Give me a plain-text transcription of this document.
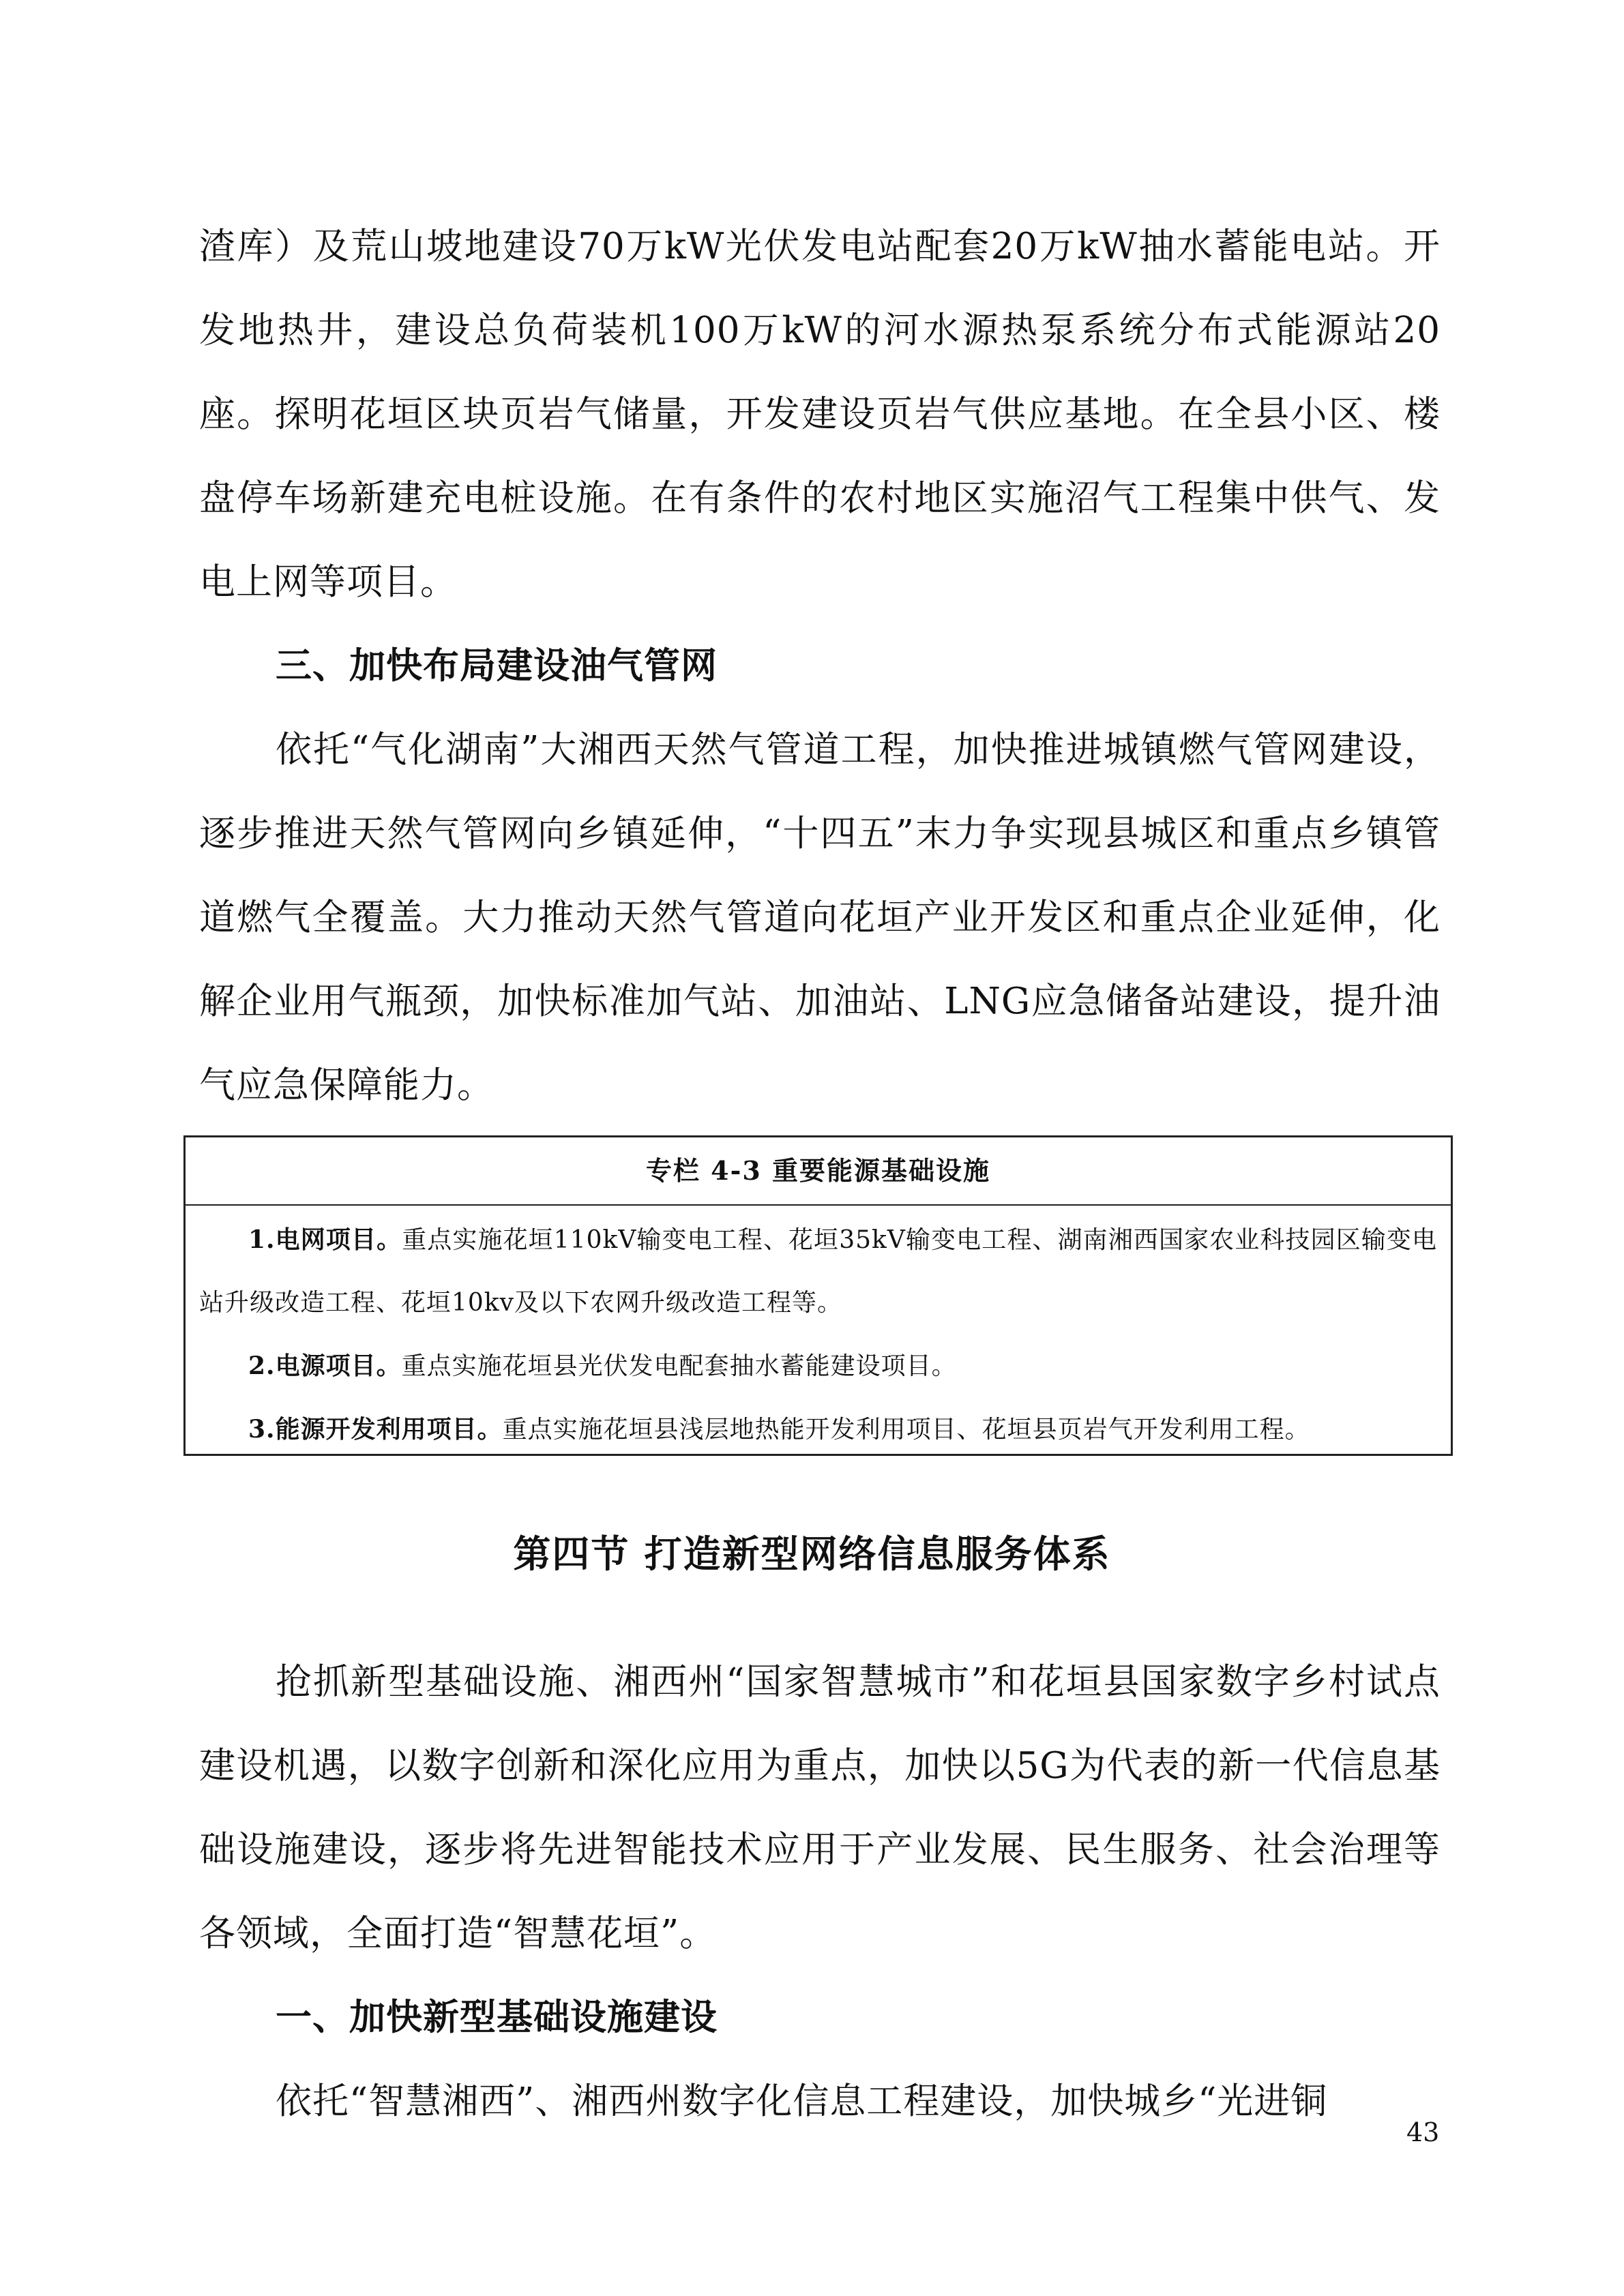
渣库）及荒山坡地建设70万kW光伏发电站配套20万kW抽水蓄能电站。开发地热井，建设总负荷装机100万kW的河水源热泵系统分布式能源站20座。探明花垣区块页岩气储量，开发建设页岩气供应基地。在全县小区、楼盘停车场新建充电桩设施。在有条件的农村地区实施沼气工程集中供气、发电上网等项目。
三、加快布局建设油气管网
依托“气化湖南”大湘西天然气管道工程，加快推进城镇燃气管网建设，逐步推进天然气管网向乡镇延伸，“十四五”末力争实现县城区和重点乡镇管道燃气全覆盖。大力推动天然气管道向花垣产业开发区和重点企业延伸，化解企业用气瓶颈，加快标准加气站、加油站、LNG应急储备站建设，提升油气应急保障能力。
专栏 4-3 重要能源基础设施
1.电网项目。重点实施花垣110kV输变电工程、花垣35kV输变电工程、湖南湘西国家农业科技园区输变电站升级改造工程、花垣10kv及以下农网升级改造工程等。
2.电源项目。重点实施花垣县光伏发电配套抽水蓄能建设项目。
3.能源开发利用项目。重点实施花垣县浅层地热能开发利用项目、花垣县页岩气开发利用工程。
第四节 打造新型网络信息服务体系
抢抓新型基础设施、湘西州“国家智慧城市”和花垣县国家数字乡村试点建设机遇，以数字创新和深化应用为重点，加快以5G为代表的新一代信息基础设施建设，逐步将先进智能技术应用于产业发展、民生服务、社会治理等各领域，全面打造“智慧花垣”。
一、加快新型基础设施建设
依托“智慧湘西”、湘西州数字化信息工程建设，加快城乡“光进铜
43
